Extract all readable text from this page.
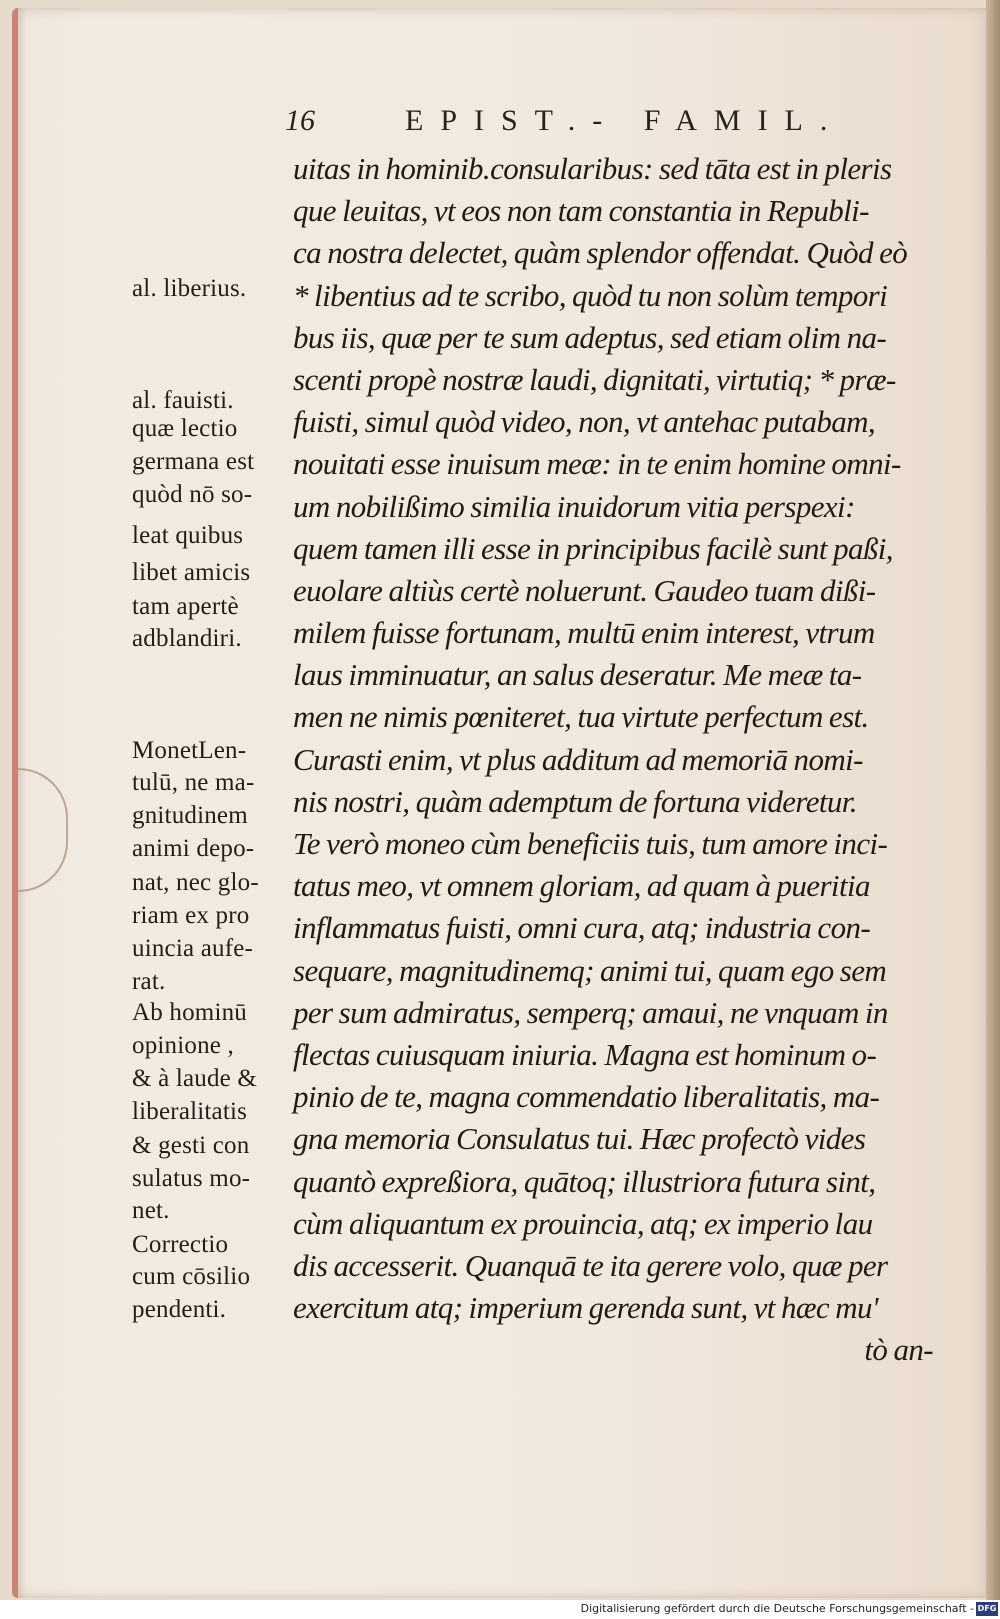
16	EPIST.- FAMIL.
uitas in hominib.consularibus: sed tāta est in pleris
que leuitas, vt eos non tam constantia in Republi-
ca nostra delectet, quàm splendor offendat. Quòd eò
* libentius ad te scribo, quòd tu non solùm tempori
bus iis, quæ per te sum adeptus, sed etiam olim na-
scenti propè nostræ laudi, dignitati, virtutiq; * præ-
fuisti, simul quòd video, non, vt antehac putabam,
nouitati esse inuisum meæ: in te enim homine omni-
um nobilißimo similia inuidorum vitia perspexi:
quem tamen illi esse in principibus facilè sunt paßi,
euolare altiùs certè noluerunt. Gaudeo tuam dißi-
milem fuisse fortunam, multū enim interest, vtrum
laus imminuatur, an salus deseratur. Me meæ ta-
men ne nimis pœniteret, tua virtute perfectum est.
Curasti enim, vt plus additum ad memoriā nomi-
nis nostri, quàm ademptum de fortuna videretur.
Te verò moneo cùm beneficiis tuis, tum amore inci-
tatus meo, vt omnem gloriam, ad quam à pueritia
inflammatus fuisti, omni cura, atq; industria con-
sequare, magnitudinemq; animi tui, quam ego sem
per sum admiratus, semperq; amaui, ne vnquam in
flectas cuiusquam iniuria. Magna est hominum o-
pinio de te, magna commendatio liberalitatis, ma-
gna memoria Consulatus tui. Hæc profectò vides
quantò expreßiora, quātoq; illustriora futura sint,
cùm aliquantum ex prouincia, atq; ex imperio lau
dis accesserit. Quanquā te ita gerere volo, quæ per
exercitum atq; imperium gerenda sunt, vt hæc mu'
tò an-
al. liberius.
al. fauisti.
quæ lectio
germana est
quòd nō so-
leat quibus
libet amicis
tam apertè
adblandiri.
MonetLen-
tulū, ne ma-
gnitudinem
animi depo-
nat, nec glo-
riam ex pro
uincia aufe-
rat.
Ab hominū
opinione ,
& à laude &
liberalitatis
& gesti con
sulatus mo-
net.
Correctio
cum cōsilio
pendenti.
Digitalisierung gefördert durch die Deutsche Forschungsgemeinschaft - DFG
